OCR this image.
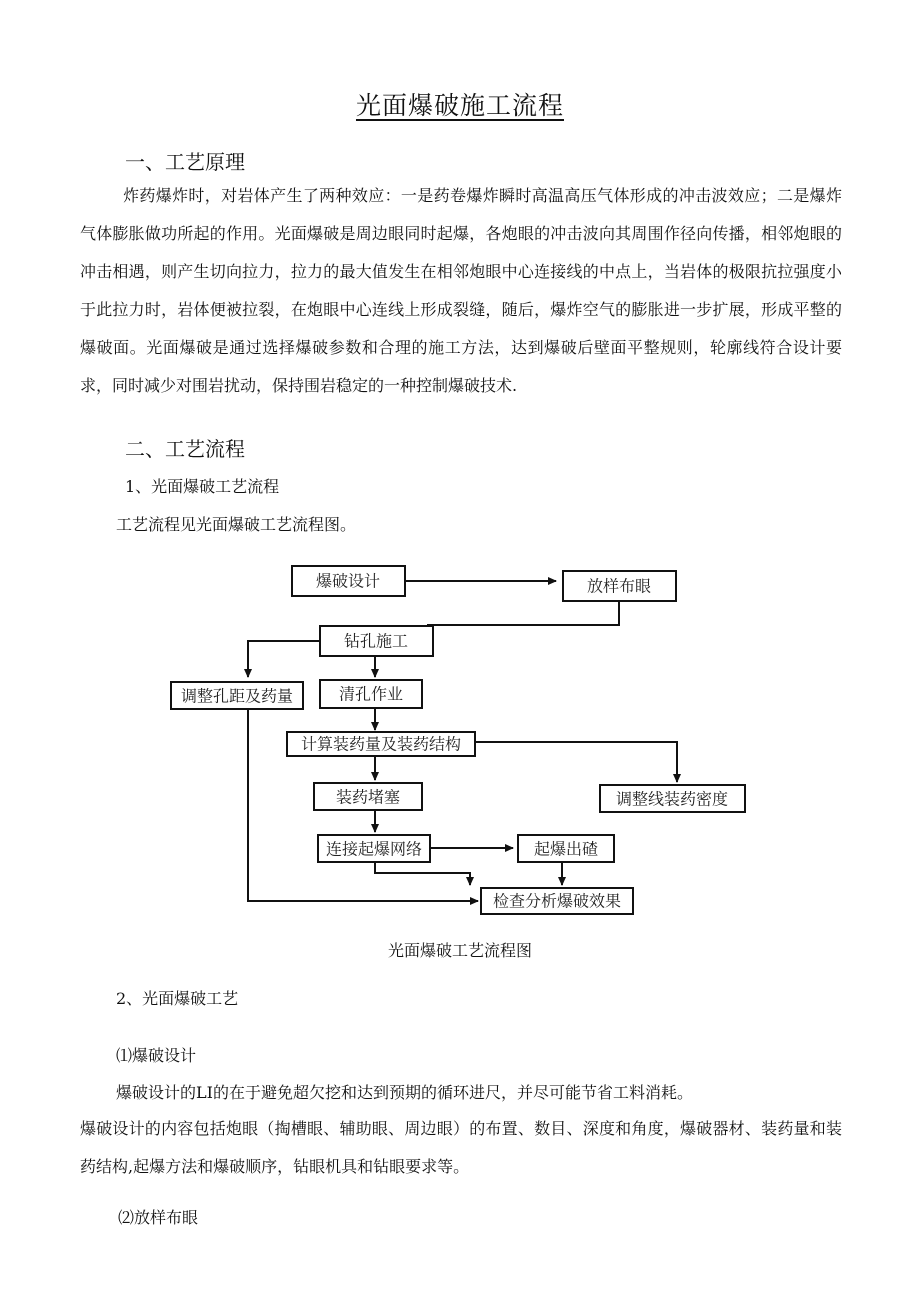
光面爆破施工流程
一、工艺原理
炸药爆炸时，对岩体产生了两种效应：一是药卷爆炸瞬时高温高压气体形成的冲击波效应；二是爆炸气体膨胀做功所起的作用。光面爆破是周边眼同时起爆，各炮眼的冲击波向其周围作径向传播，相邻炮眼的冲击相遇，则产生切向拉力，拉力的最大值发生在相邻炮眼中心连接线的中点上，当岩体的极限抗拉强度小于此拉力时，岩体便被拉裂，在炮眼中心连线上形成裂缝，随后，爆炸空气的膨胀进一步扩展，形成平整的爆破面。光面爆破是通过选择爆破参数和合理的施工方法，达到爆破后壁面平整规则，轮廓线符合设计要求，同时减少对围岩扰动，保持围岩稳定的一种控制爆破技术.
二、工艺流程
1、光面爆破工艺流程
工艺流程见光面爆破工艺流程图。
爆破设计	放样布眼
钻孔施工
调整孔距及药量	清孔作业
计算装药量及装药结构
装药堵塞	调整线装药密度
连接起爆网络	起爆出碴
检查分析爆破效果
光面爆破工艺流程图
2、光面爆破工艺
⑴爆破设计
爆破设计的LI的在于避免超欠挖和达到预期的循环进尺，并尽可能节省工料消耗。
爆破设计的内容包括炮眼（掏槽眼、辅助眼、周边眼）的布置、数目、深度和角度，爆破器材、装药量和装药结构,起爆方法和爆破顺序，钻眼机具和钻眼要求等。
⑵放样布眼
